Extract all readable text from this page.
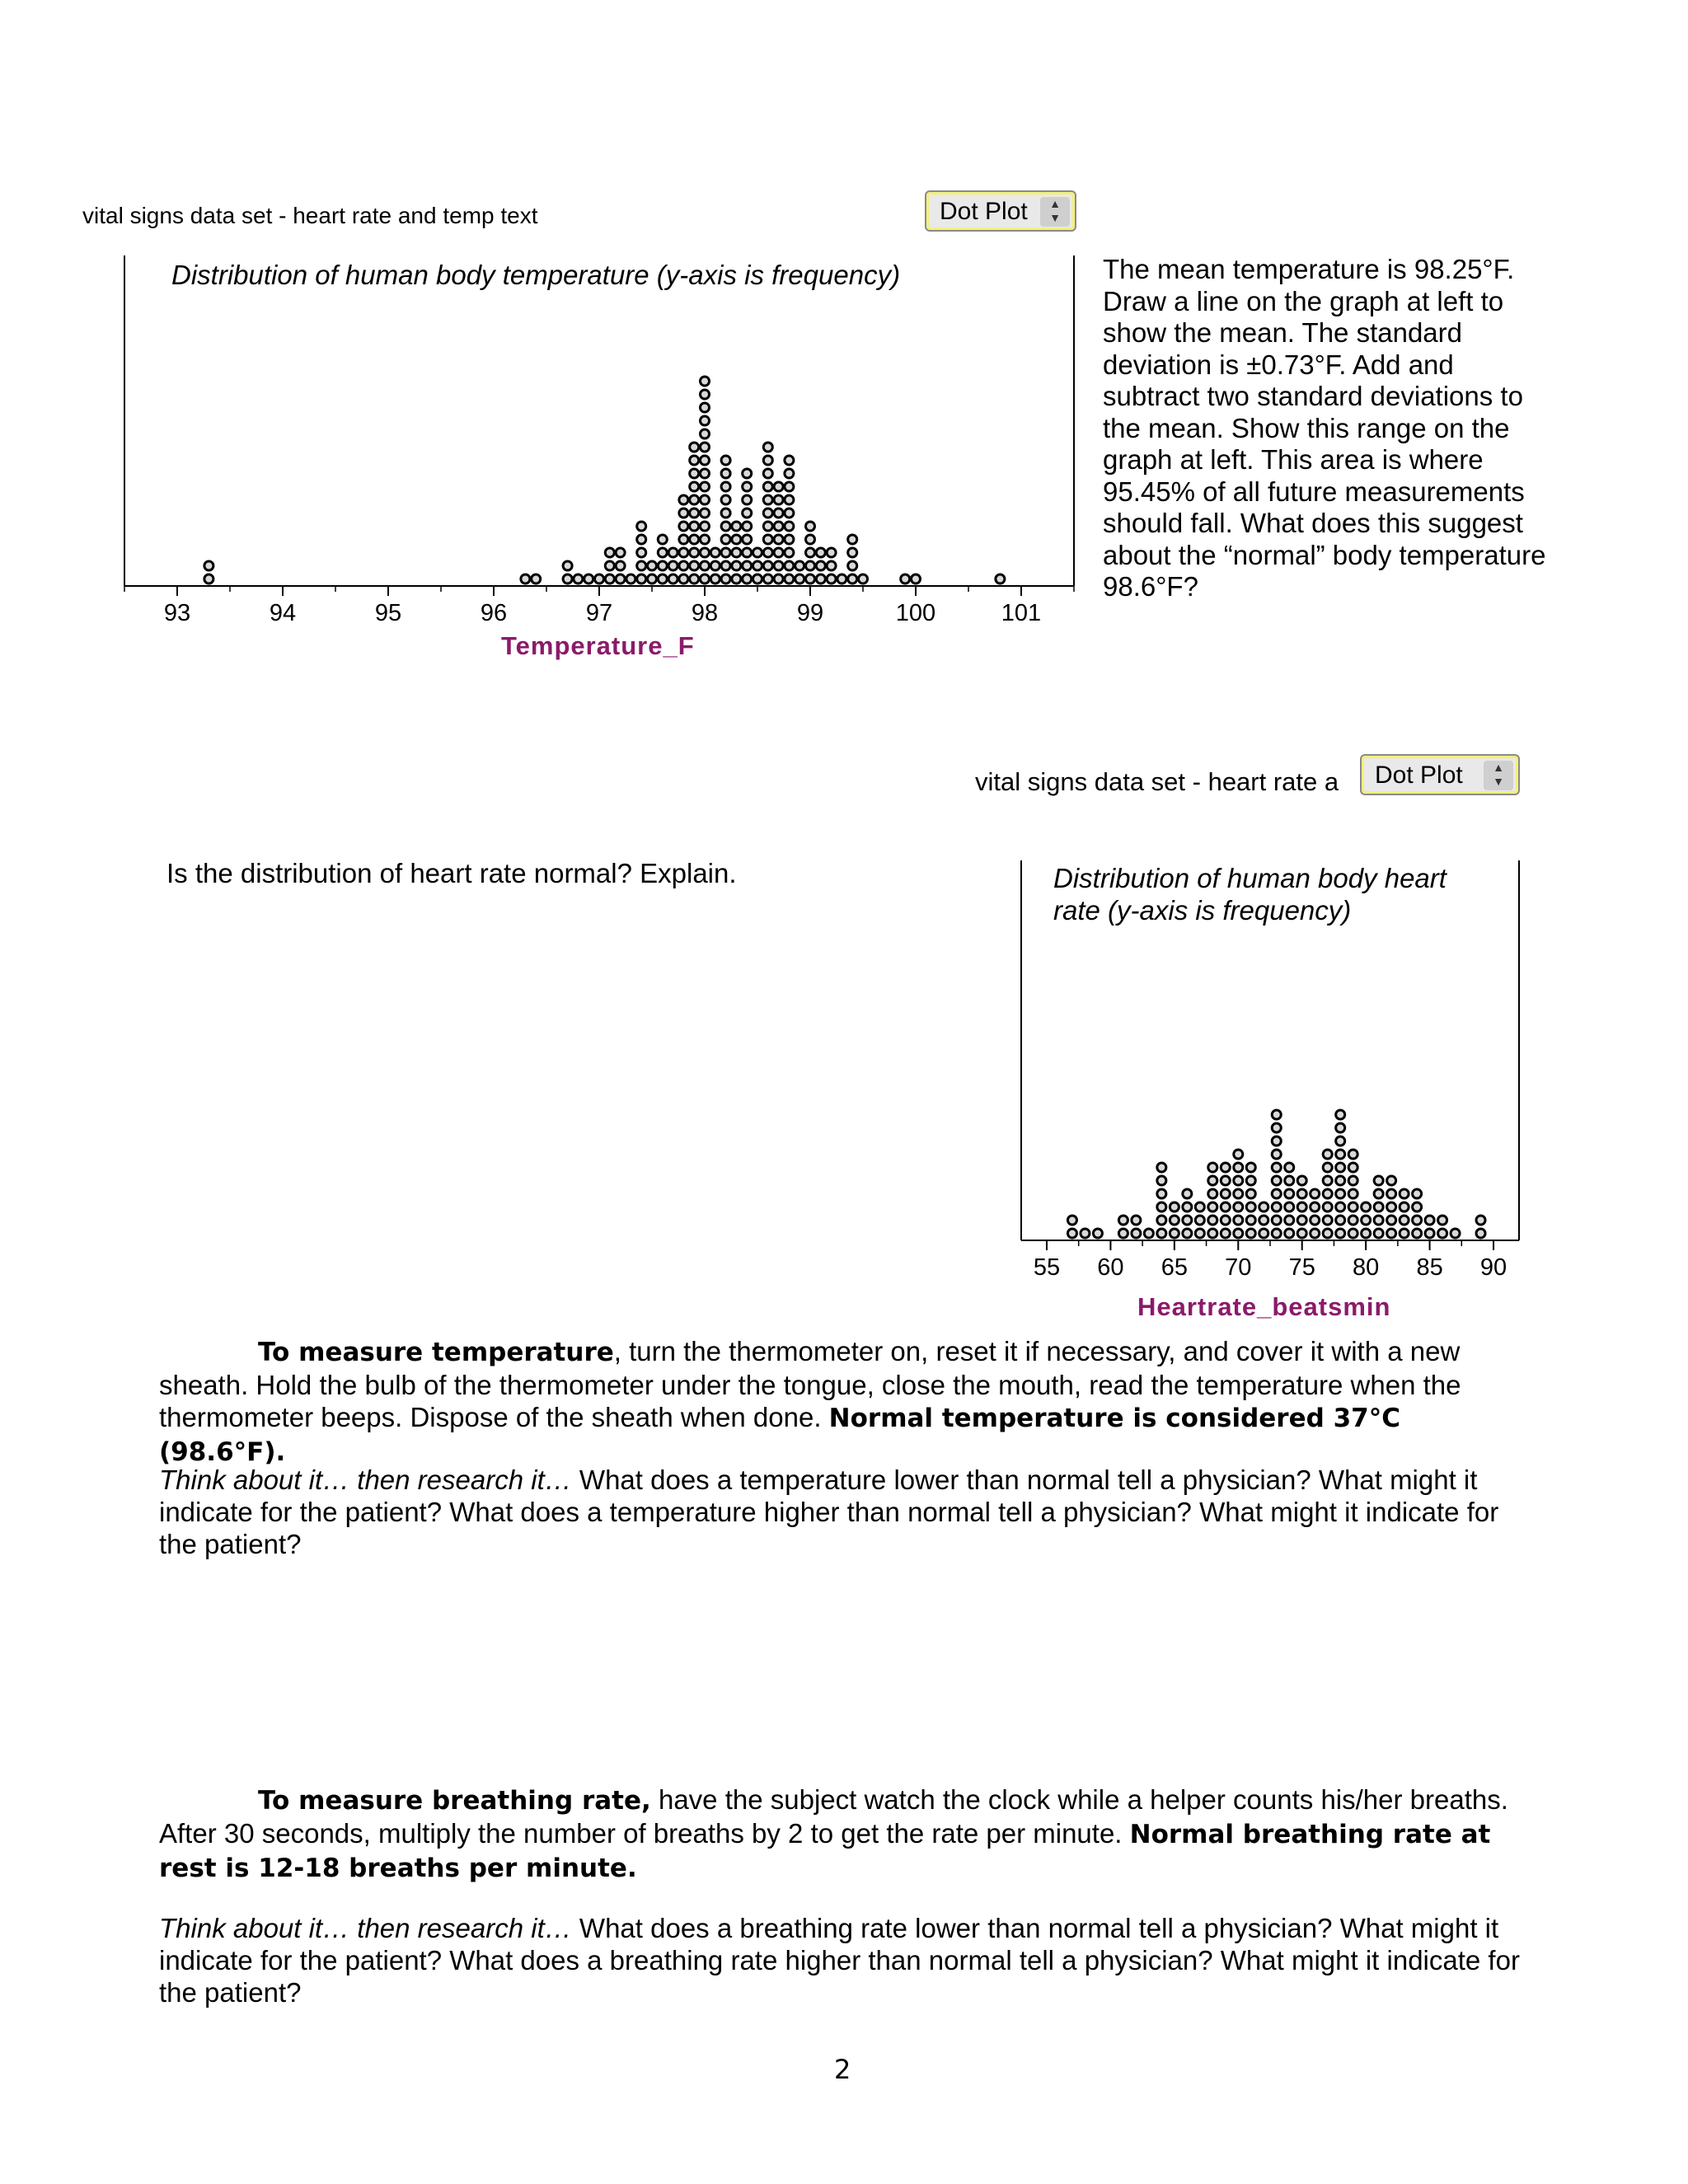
vital signs data set - heart rate and temp text	Dot Plot	▲
▼
Distribution of human body temperature (y-axis is frequency)
93	94	95	96	97	98	99	100	101
Temperature_F
The mean temperature is 98.25°F. Draw a line on the graph at left to show the mean. The standard deviation is ±0.73°F. Add and subtract two standard deviations to the mean. Show this range on the graph at left. This area is where 95.45% of all future measurements should fall. What does this suggest about the “normal” body temperature 98.6°F?
vital signs data set - heart rate a	Dot Plot	▲
▼
Is the distribution of heart rate normal? Explain.	Distribution of human body heart rate (y-axis is frequency)
55 60 65 70 75 80 85 90
Heartrate_beatsmin
To measure temperature, turn the thermometer on, reset it if necessary, and cover it with a new sheath. Hold the bulb of the thermometer under the tongue, close the mouth, read the temperature when the thermometer beeps. Dispose of the sheath when done. Normal temperature is considered 37°C (98.6°F).
Think about it… then research it… What does a temperature lower than normal tell a physician? What might it indicate for the patient? What does a temperature higher than normal tell a physician? What might it indicate for the patient?
To measure breathing rate, have the subject watch the clock while a helper counts his/her breaths. After 30 seconds, multiply the number of breaths by 2 to get the rate per minute. Normal breathing rate at rest is 12-18 breaths per minute.
Think about it… then research it… What does a breathing rate lower than normal tell a physician? What might it indicate for the patient? What does a breathing rate higher than normal tell a physician? What might it indicate for the patient?
2
